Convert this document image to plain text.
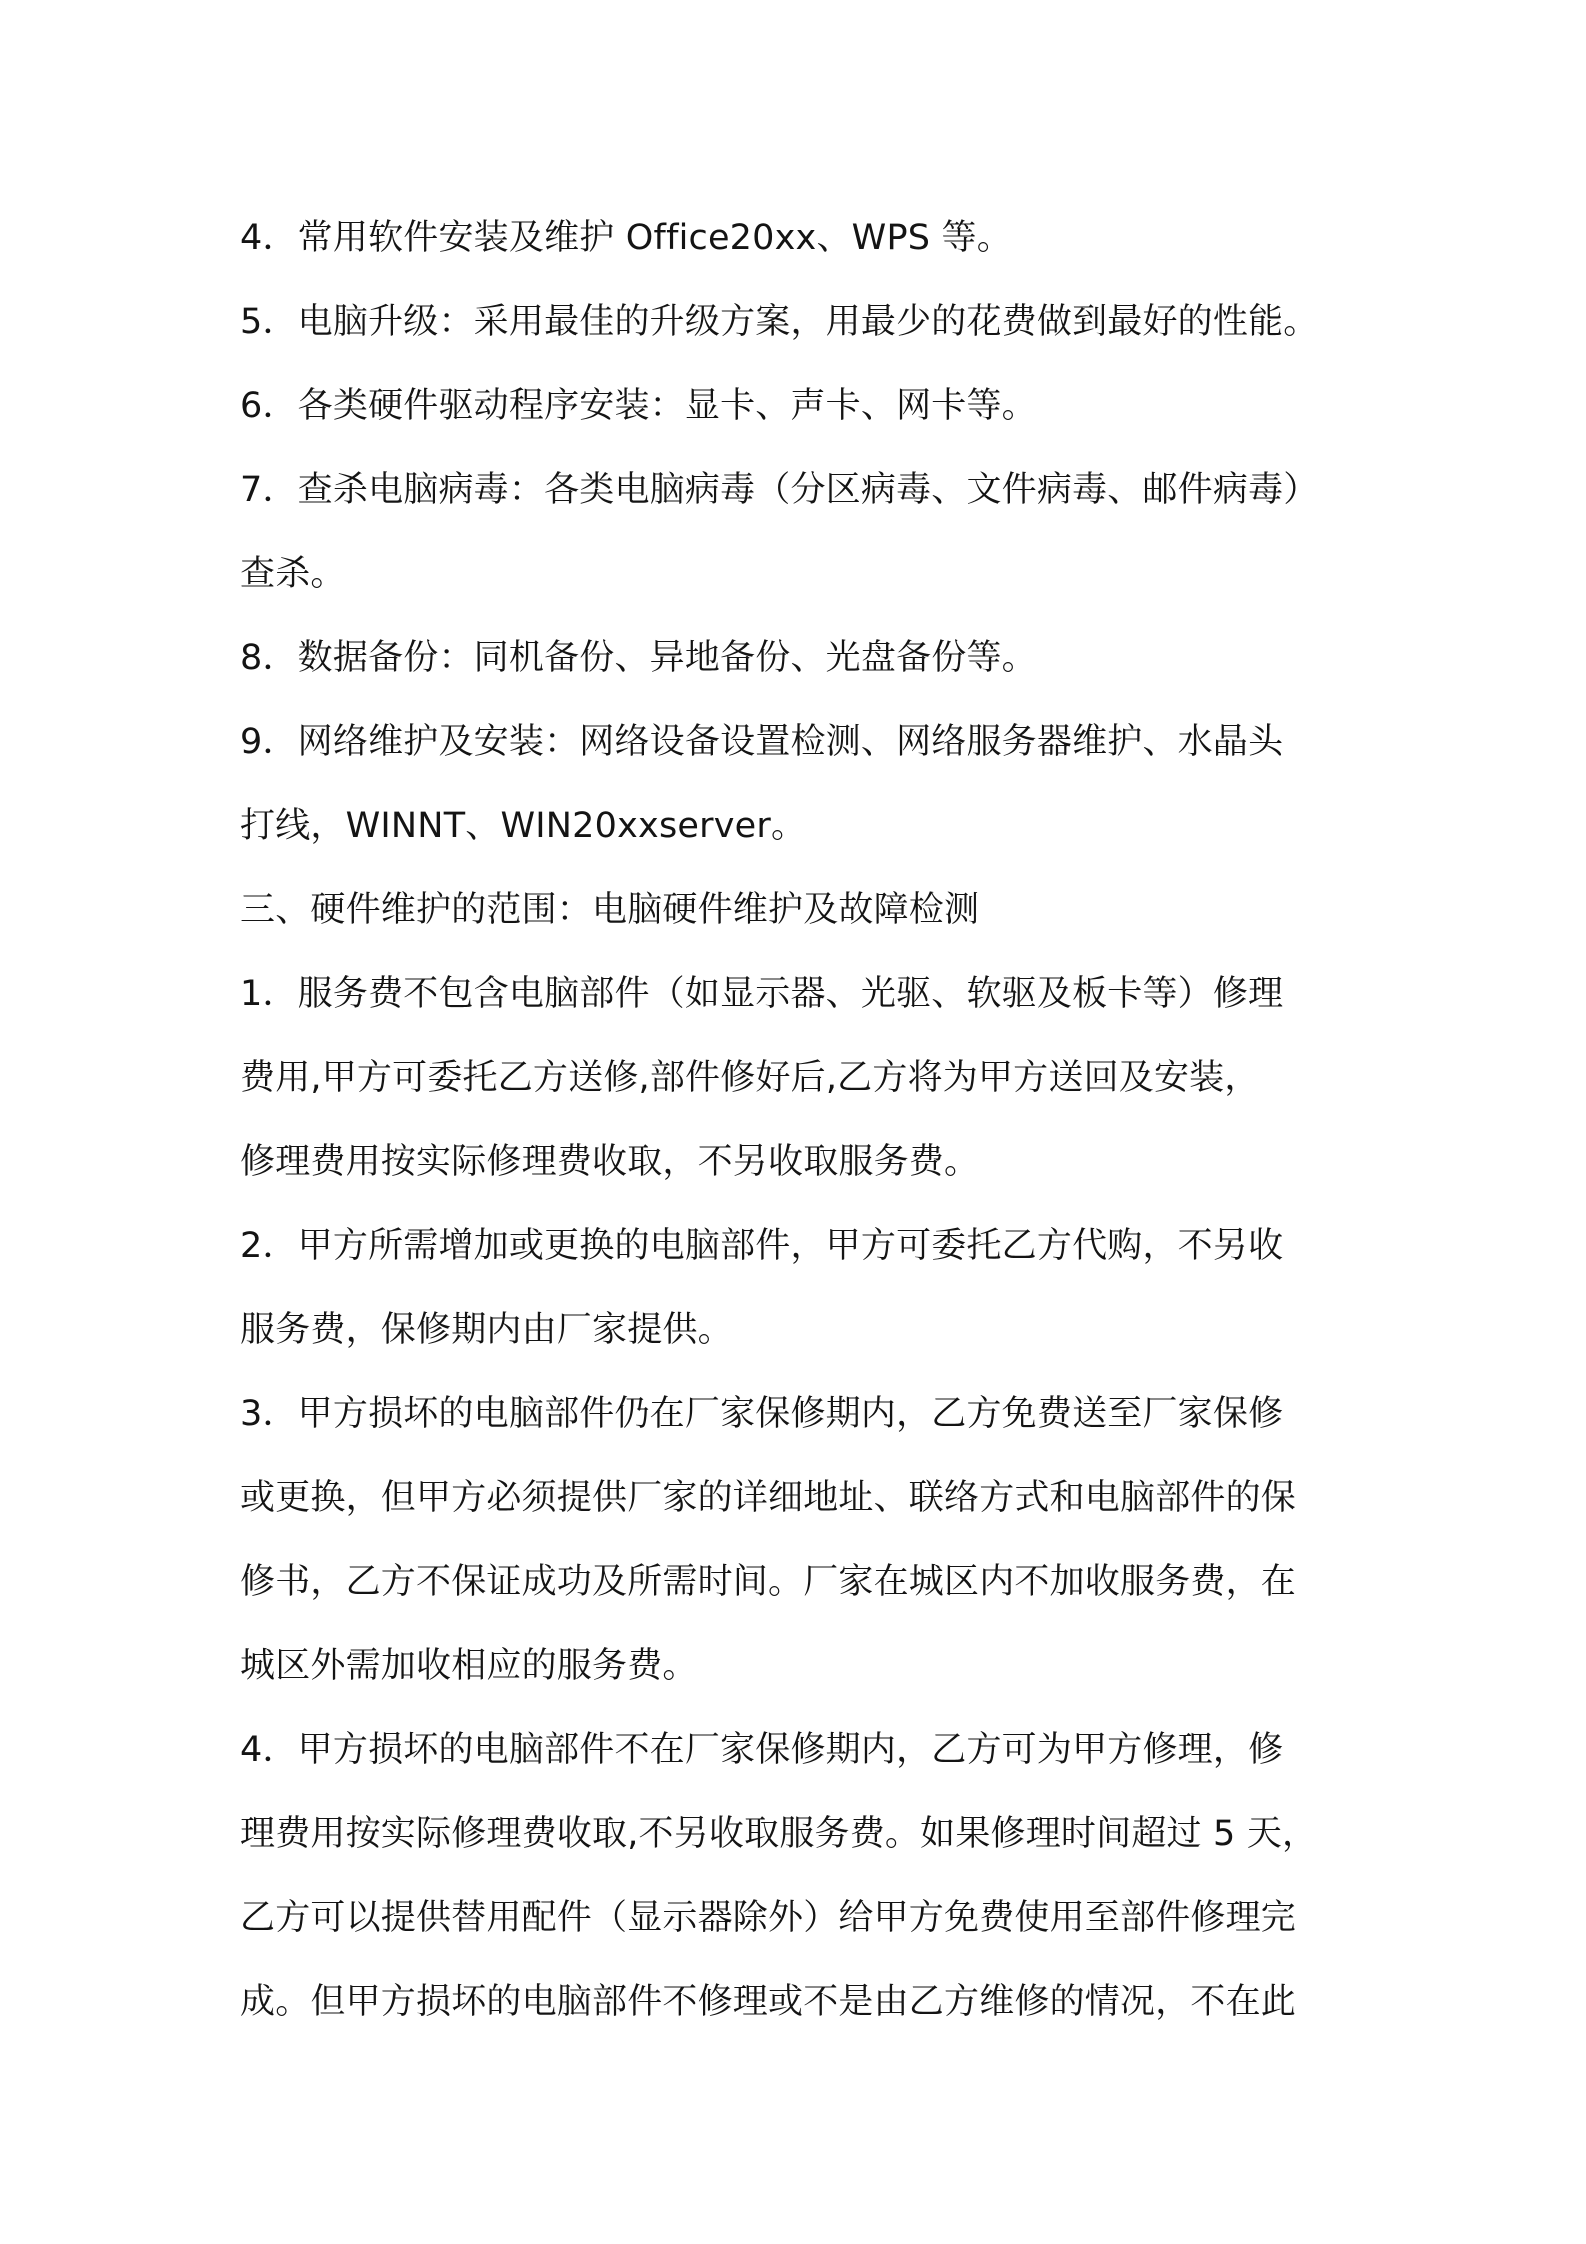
4．常用软件安装及维护 Office20xx、WPS 等。

5．电脑升级：采用最佳的升级方案，用最少的花费做到最好的性能。

6．各类硬件驱动程序安装：显卡、声卡、网卡等。

7．查杀电脑病毒：各类电脑病毒（分区病毒、文件病毒、邮件病毒）

查杀。

8．数据备份：同机备份、异地备份、光盘备份等。

9．网络维护及安装：网络设备设置检测、网络服务器维护、水晶头

打线，WINNT、WIN20xxserver。

三、硬件维护的范围：电脑硬件维护及故障检测

1．服务费不包含电脑部件（如显示器、光驱、软驱及板卡等）修理

费用,甲方可委托乙方送修,部件修好后,乙方将为甲方送回及安装，

修理费用按实际修理费收取，不另收取服务费。

2．甲方所需增加或更换的电脑部件，甲方可委托乙方代购，不另收

服务费，保修期内由厂家提供。

3．甲方损坏的电脑部件仍在厂家保修期内，乙方免费送至厂家保修

或更换，但甲方必须提供厂家的详细地址、联络方式和电脑部件的保

修书，乙方不保证成功及所需时间。厂家在城区内不加收服务费，在

城区外需加收相应的服务费。

4．甲方损坏的电脑部件不在厂家保修期内，乙方可为甲方修理，修

理费用按实际修理费收取,不另收取服务费。如果修理时间超过 5 天，

乙方可以提供替用配件（显示器除外）给甲方免费使用至部件修理完

成。但甲方损坏的电脑部件不修理或不是由乙方维修的情况，不在此
